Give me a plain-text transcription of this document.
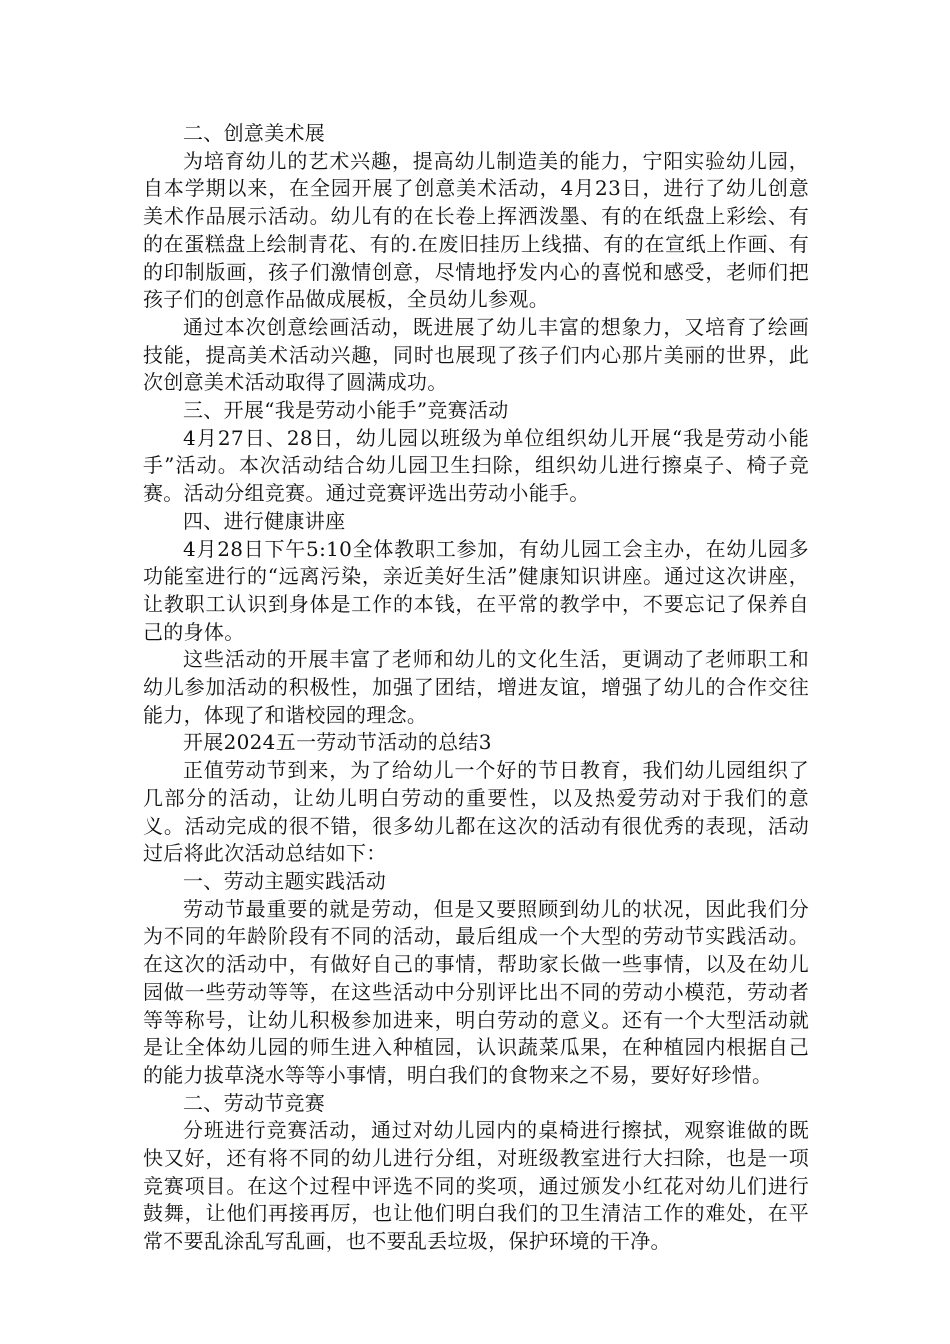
二、创意美术展

为培育幼儿的艺术兴趣，提高幼儿制造美的能力，宁阳实验幼儿园，自本学期以来，在全园开展了创意美术活动，4月23日，进行了幼儿创意美术作品展示活动。幼儿有的在长卷上挥洒泼墨、有的在纸盘上彩绘、有的在蛋糕盘上绘制青花、有的.在废旧挂历上线描、有的在宣纸上作画、有的印制版画，孩子们激情创意，尽情地抒发内心的喜悦和感受，老师们把孩子们的创意作品做成展板，全员幼儿参观。

通过本次创意绘画活动，既进展了幼儿丰富的想象力，又培育了绘画技能，提高美术活动兴趣，同时也展现了孩子们内心那片美丽的世界，此次创意美术活动取得了圆满成功。

三、开展“我是劳动小能手”竞赛活动

4月27日、28日，幼儿园以班级为单位组织幼儿开展“我是劳动小能手”活动。本次活动结合幼儿园卫生扫除，组织幼儿进行擦桌子、椅子竞赛。活动分组竞赛。通过竞赛评选出劳动小能手。

四、进行健康讲座

4月28日下午5:10全体教职工参加，有幼儿园工会主办，在幼儿园多功能室进行的“远离污染，亲近美好生活”健康知识讲座。通过这次讲座，让教职工认识到身体是工作的本钱，在平常的教学中，不要忘记了保养自己的身体。

这些活动的开展丰富了老师和幼儿的文化生活，更调动了老师职工和幼儿参加活动的积极性，加强了团结，增进友谊，增强了幼儿的合作交往能力，体现了和谐校园的理念。

开展2024五一劳动节活动的总结3

正值劳动节到来，为了给幼儿一个好的节日教育，我们幼儿园组织了几部分的活动，让幼儿明白劳动的重要性，以及热爱劳动对于我们的意义。活动完成的很不错，很多幼儿都在这次的活动有很优秀的表现，活动过后将此次活动总结如下：

一、劳动主题实践活动

劳动节最重要的就是劳动，但是又要照顾到幼儿的状况，因此我们分为不同的年龄阶段有不同的活动，最后组成一个大型的劳动节实践活动。在这次的活动中，有做好自己的事情，帮助家长做一些事情，以及在幼儿园做一些劳动等等，在这些活动中分别评比出不同的劳动小模范，劳动者等等称号，让幼儿积极参加进来，明白劳动的意义。还有一个大型活动就是让全体幼儿园的师生进入种植园，认识蔬菜瓜果，在种植园内根据自己的能力拔草浇水等等小事情，明白我们的食物来之不易，要好好珍惜。

二、劳动节竞赛

分班进行竞赛活动，通过对幼儿园内的桌椅进行擦拭，观察谁做的既快又好，还有将不同的幼儿进行分组，对班级教室进行大扫除，也是一项竞赛项目。在这个过程中评选不同的奖项，通过颁发小红花对幼儿们进行鼓舞，让他们再接再厉，也让他们明白我们的卫生清洁工作的难处，在平常不要乱涂乱写乱画，也不要乱丢垃圾，保护环境的干净。
